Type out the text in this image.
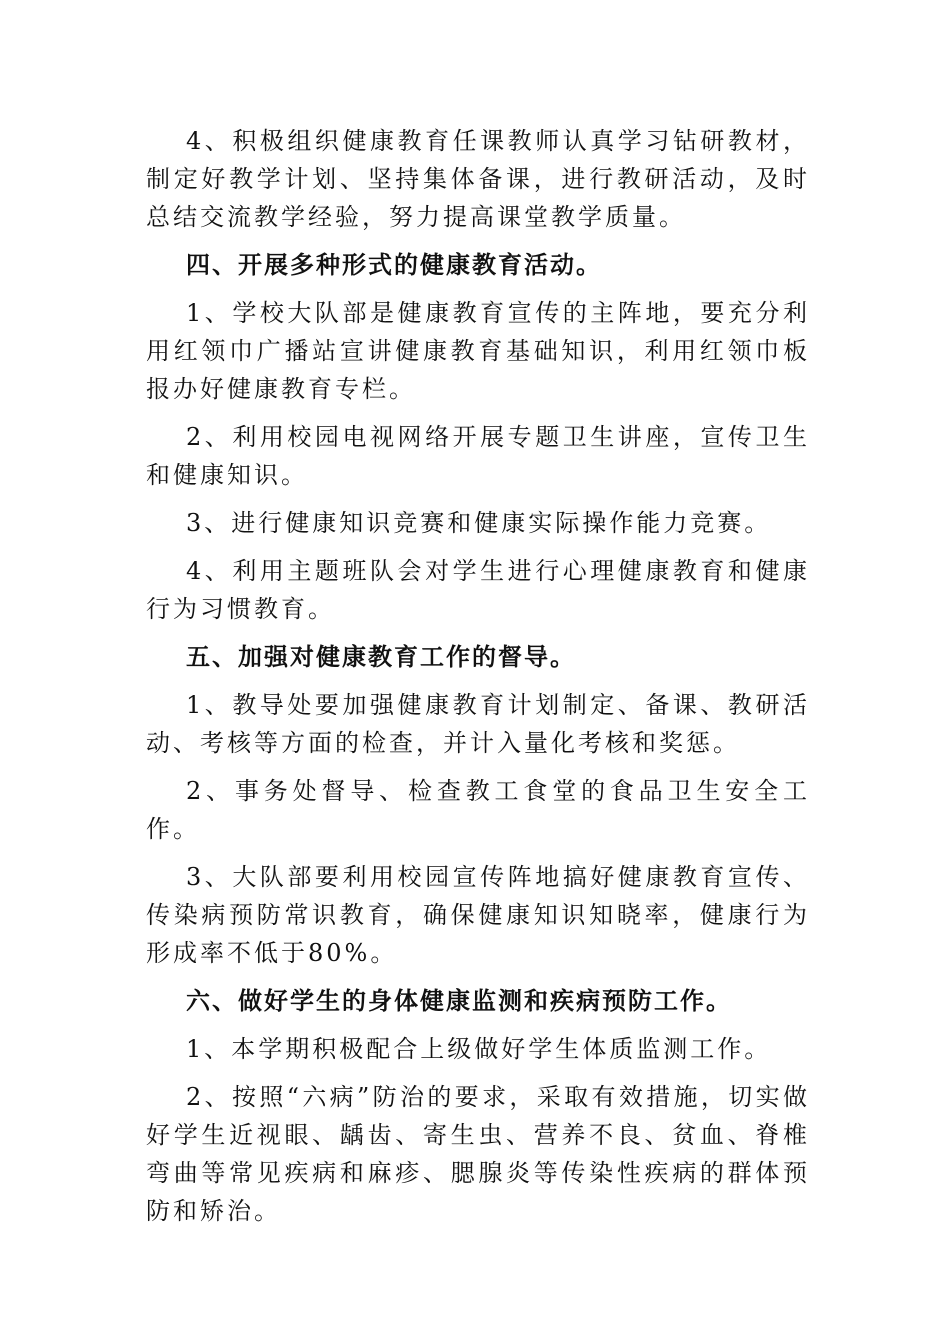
4、积极组织健康教育任课教师认真学习钻研教材，制定好教学计划、坚持集体备课，进行教研活动，及时总结交流教学经验，努力提高课堂教学质量。

四、开展多种形式的健康教育活动。

1、学校大队部是健康教育宣传的主阵地，要充分利用红领巾广播站宣讲健康教育基础知识，利用红领巾板报办好健康教育专栏。

2、利用校园电视网络开展专题卫生讲座，宣传卫生和健康知识。

3、进行健康知识竞赛和健康实际操作能力竞赛。

4、利用主题班队会对学生进行心理健康教育和健康行为习惯教育。

五、加强对健康教育工作的督导。

1、教导处要加强健康教育计划制定、备课、教研活动、考核等方面的检查，并计入量化考核和奖惩。

2、事务处督导、检查教工食堂的食品卫生安全工作。

3、大队部要利用校园宣传阵地搞好健康教育宣传、传染病预防常识教育，确保健康知识知晓率，健康行为形成率不低于80%。

六、做好学生的身体健康监测和疾病预防工作。

1、本学期积极配合上级做好学生体质监测工作。

2、按照“六病”防治的要求，采取有效措施，切实做好学生近视眼、龋齿、寄生虫、营养不良、贫血、脊椎弯曲等常见疾病和麻疹、腮腺炎等传染性疾病的群体预防和矫治。
